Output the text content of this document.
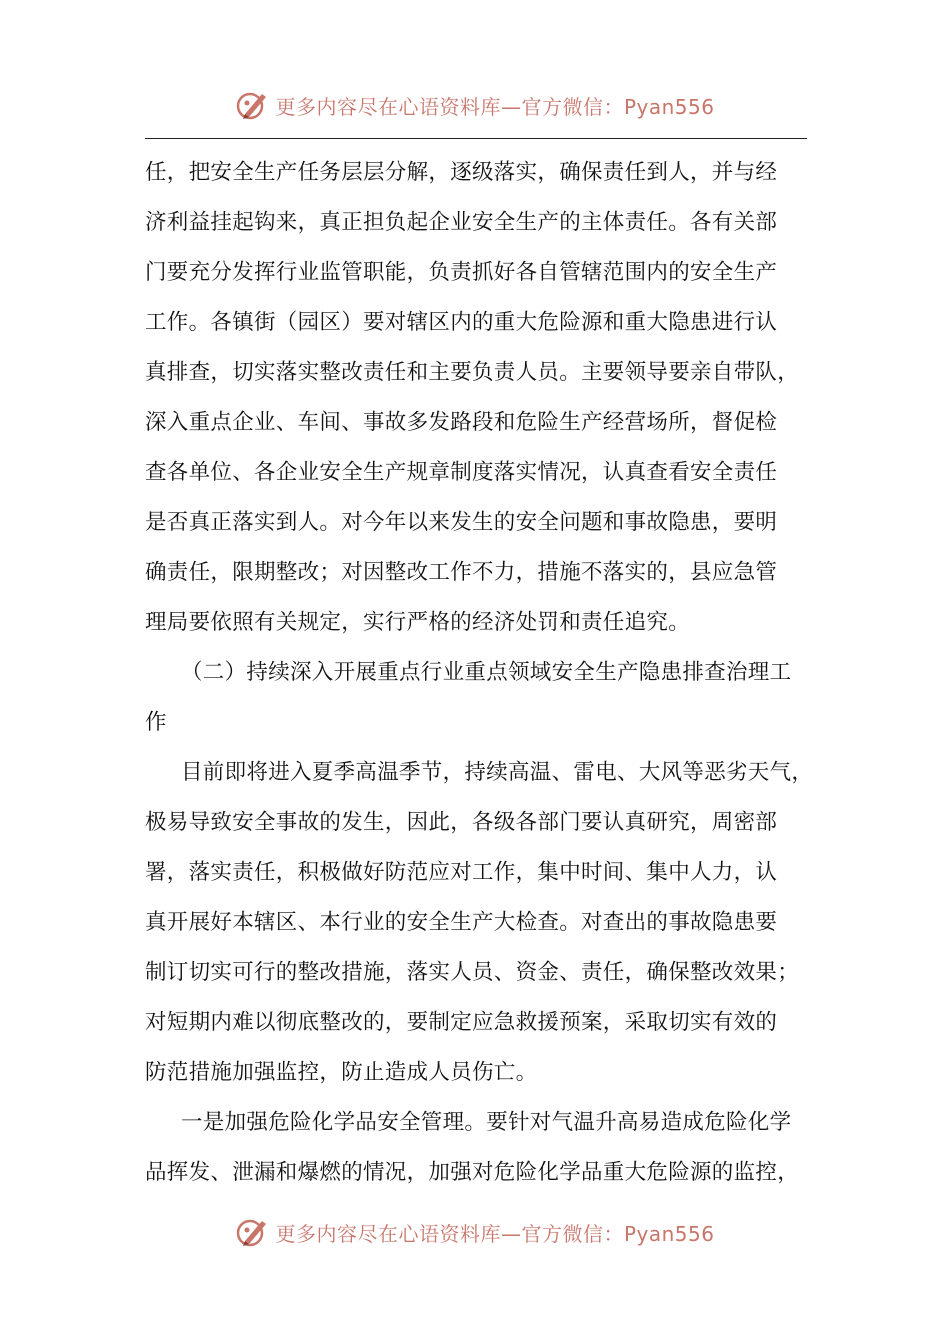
更多内容尽在心语资料库—官方微信：Pyan556
任，把安全生产任务层层分解，逐级落实，确保责任到人，并与经
济利益挂起钩来，真正担负起企业安全生产的主体责任。各有关部
门要充分发挥行业监管职能，负责抓好各自管辖范围内的安全生产
工作。各镇街（园区）要对辖区内的重大危险源和重大隐患进行认
真排查，切实落实整改责任和主要负责人员。主要领导要亲自带队，
深入重点企业、车间、事故多发路段和危险生产经营场所，督促检
查各单位、各企业安全生产规章制度落实情况，认真查看安全责任
是否真正落实到人。对今年以来发生的安全问题和事故隐患，要明
确责任，限期整改；对因整改工作不力，措施不落实的，县应急管
理局要依照有关规定，实行严格的经济处罚和责任追究。
（二）持续深入开展重点行业重点领域安全生产隐患排查治理工
作
目前即将进入夏季高温季节，持续高温、雷电、大风等恶劣天气，
极易导致安全事故的发生，因此，各级各部门要认真研究，周密部
署，落实责任，积极做好防范应对工作，集中时间、集中人力，认
真开展好本辖区、本行业的安全生产大检查。对查出的事故隐患要
制订切实可行的整改措施，落实人员、资金、责任，确保整改效果；
对短期内难以彻底整改的，要制定应急救援预案，采取切实有效的
防范措施加强监控，防止造成人员伤亡。
一是加强危险化学品安全管理。要针对气温升高易造成危险化学
品挥发、泄漏和爆燃的情况，加强对危险化学品重大危险源的监控，
更多内容尽在心语资料库—官方微信：Pyan556
